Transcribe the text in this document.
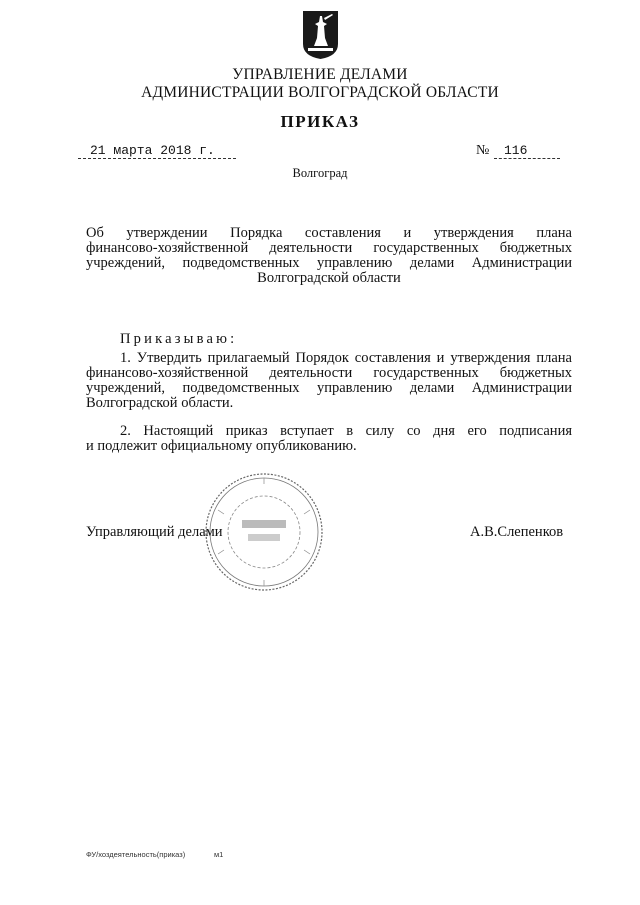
УПРАВЛЕНИЕ ДЕЛАМИ
АДМИНИСТРАЦИИ ВОЛГОГРАДСКОЙ ОБЛАСТИ
ПРИКАЗ
21 марта 2018 г.	№	116
Волгоград
Об утверждении Порядка составления и утверждения плана
финансово-хозяйственной деятельности государственных бюджетных
учреждений, подведомственных управлению делами Администрации
Волгоградской области
Приказываю:
1. Утвердить прилагаемый Порядок составления и утверждения плана
финансово-хозяйственной деятельности государственных бюджетных
учреждений, подведомственных управлению делами Администрации
Волгоградской области.
2. Настоящий приказ вступает в силу со дня его подписания
и подлежит официальному опубликованию.
Управляющий делами	А.В.Слепенков
ФУ/хоздеятельность(приказ)	м1
